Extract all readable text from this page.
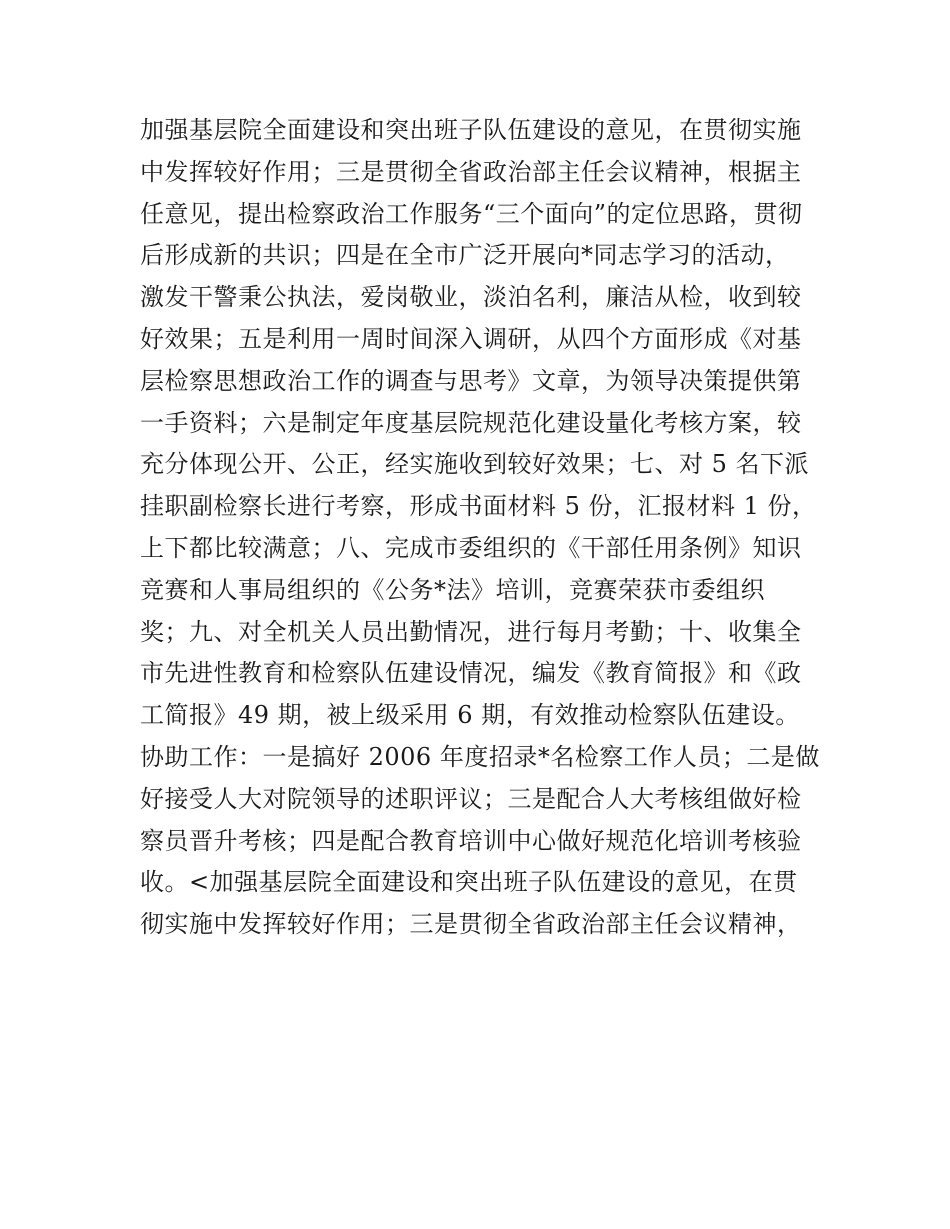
加强基层院全面建设和突出班子队伍建设的意见，在贯彻实施
中发挥较好作用；三是贯彻全省政治部主任会议精神，根据主
任意见，提出检察政治工作服务“三个面向”的定位思路，贯彻
后形成新的共识；四是在全市广泛开展向*同志学习的活动，
激发干警秉公执法，爱岗敬业，淡泊名利，廉洁从检，收到较
好效果；五是利用一周时间深入调研，从四个方面形成《对基
层检察思想政治工作的调查与思考》文章，为领导决策提供第
一手资料；六是制定年度基层院规范化建设量化考核方案，较
充分体现公开、公正，经实施收到较好效果；七、对 5 名下派
挂职副检察长进行考察，形成书面材料 5 份，汇报材料 1 份，
上下都比较满意；八、完成市委组织的《干部任用条例》知识
竞赛和人事局组织的《公务*法》培训，竞赛荣获市委组织
奖；九、对全机关人员出勤情况，进行每月考勤；十、收集全
市先进性教育和检察队伍建设情况，编发《教育简报》和《政
工简报》49 期，被上级采用 6 期，有效推动检察队伍建设。
协助工作：一是搞好 2006 年度招录*名检察工作人员；二是做
好接受人大对院领导的述职评议；三是配合人大考核组做好检
察员晋升考核；四是配合教育培训中心做好规范化培训考核验
收。<加强基层院全面建设和突出班子队伍建设的意见，在贯
彻实施中发挥较好作用；三是贯彻全省政治部主任会议精神，
